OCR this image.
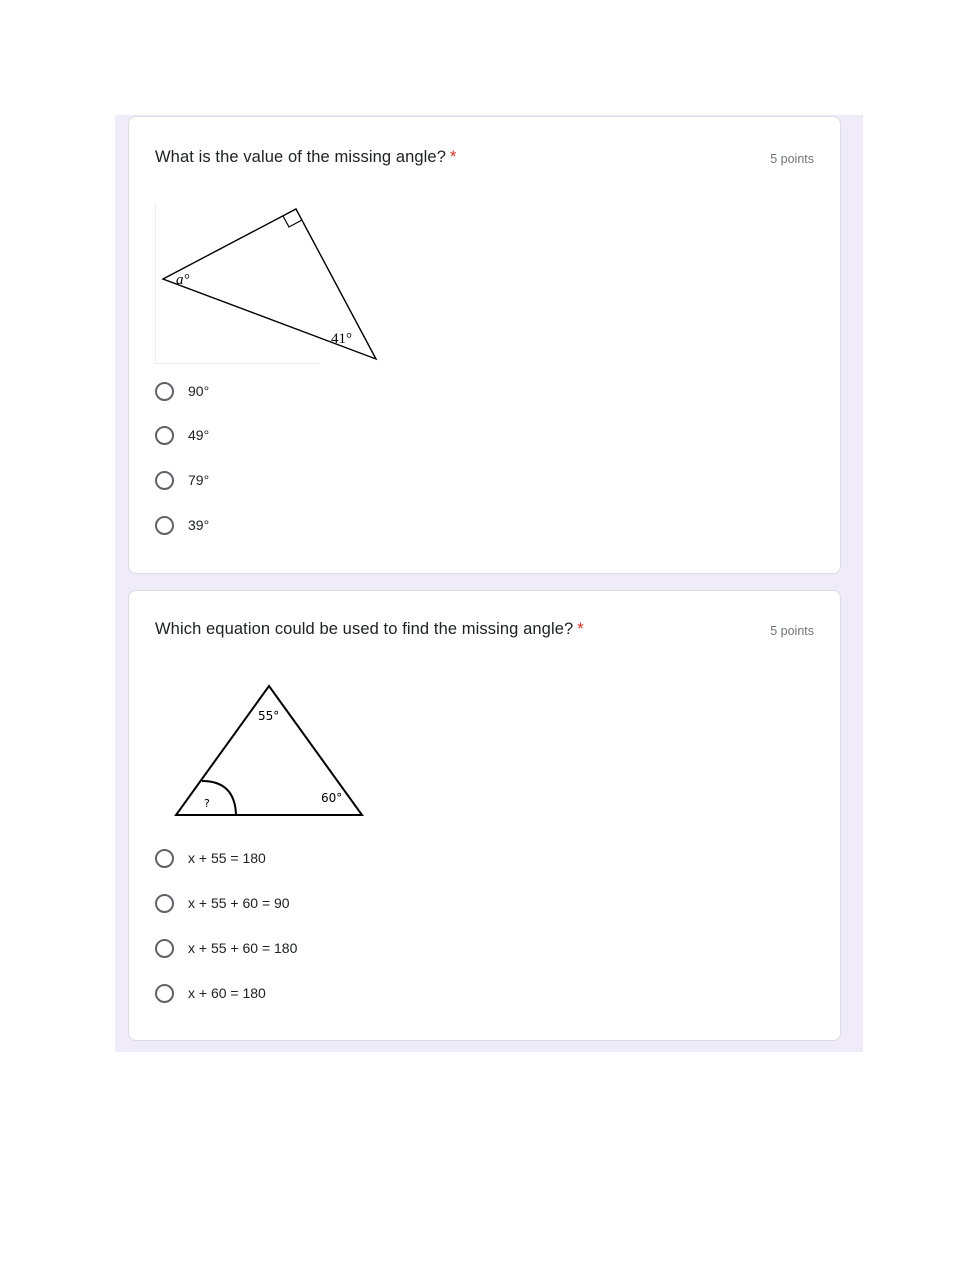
What is the value of the missing angle? *	5 points
a°
41°
90°
49°
79°
39°
Which equation could be used to find the missing angle? *	5 points
55°
60°
?
x + 55 = 180
x + 55 + 60 = 90
x + 55 + 60 = 180
x + 60 = 180
